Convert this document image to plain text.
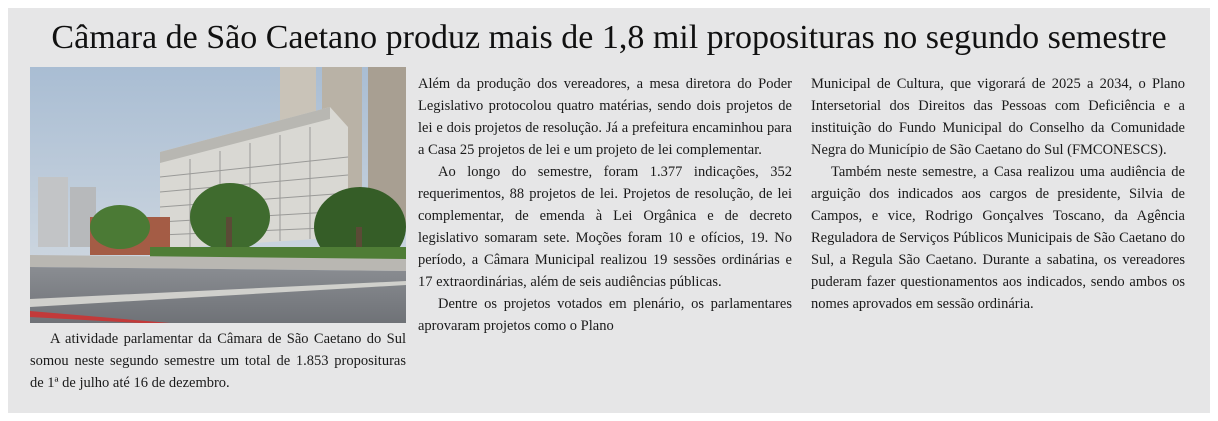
Câmara de São Caetano produz mais de 1,8 mil proposituras no segundo semestre

A atividade parlamentar da Câmara de São Caetano do Sul somou neste segundo semestre um total de 1.853 proposituras de 1ª de julho até 16 de dezembro.

Além da produção dos vereadores, a mesa diretora do Poder Legislativo protocolou quatro matérias, sendo dois projetos de lei e dois projetos de resolução. Já a prefeitura encaminhou para a Casa 25 projetos de lei e um projeto de lei complementar.

Ao longo do semestre, foram 1.377 indicações, 352 requerimentos, 88 projetos de lei. Projetos de resolução, de lei complementar, de emenda à Lei Orgânica e de decreto legislativo somaram sete. Moções foram 10 e ofícios, 19. No período, a Câmara Municipal realizou 19 sessões ordinárias e 17 extraordinárias, além de seis audiências públicas.

Dentre os projetos votados em plenário, os parlamentares aprovaram projetos como o Plano

Municipal de Cultura, que vigorará de 2025 a 2034, o Plano Intersetorial dos Direitos das Pessoas com Deficiência e a instituição do Fundo Municipal do Conselho da Comunidade Negra do Município de São Caetano do Sul (FMCONESCS).

Também neste semestre, a Casa realizou uma audiência de arguição dos indicados aos cargos de presidente, Silvia de Campos, e vice, Rodrigo Gonçalves Toscano, da Agência Reguladora de Serviços Públicos Municipais de São Caetano do Sul, a Regula São Caetano. Durante a sabatina, os vereadores puderam fazer questionamentos aos indicados, sendo ambos os nomes aprovados em sessão ordinária.
